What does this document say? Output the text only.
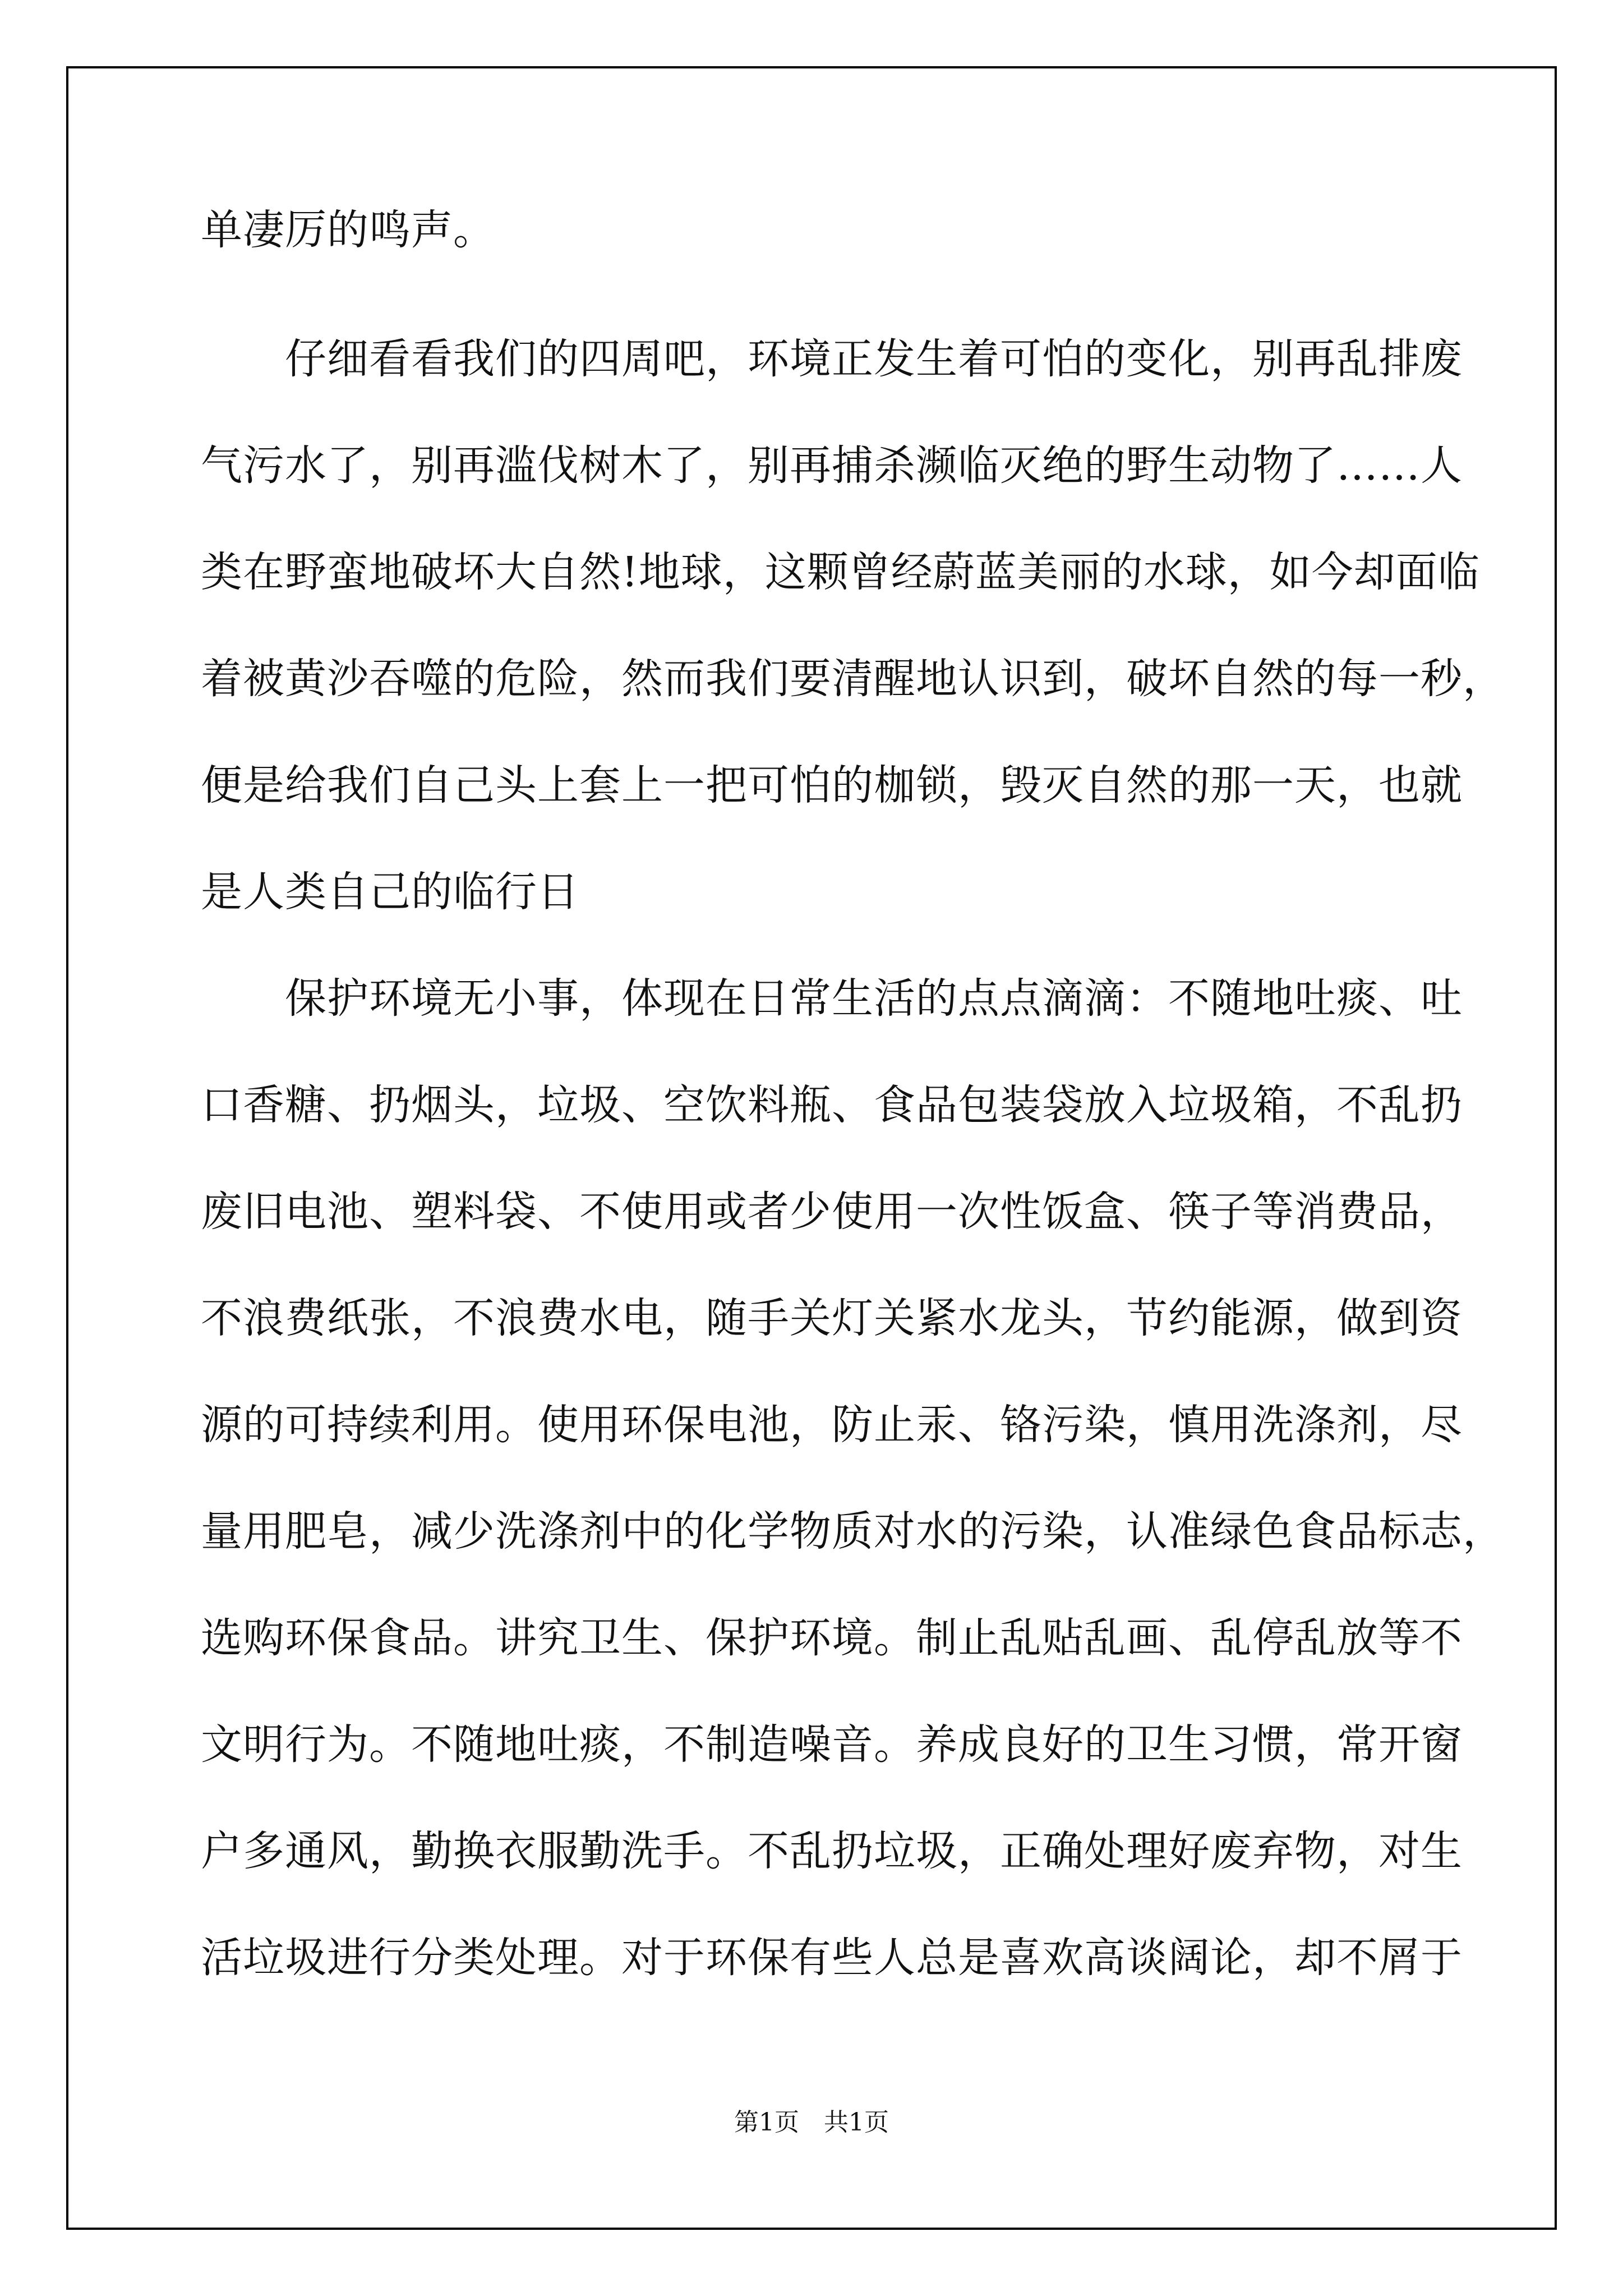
单凄厉的鸣声。
　　仔细看看我们的四周吧，环境正发生着可怕的变化，别再乱排废
气污水了，别再滥伐树木了，别再捕杀濒临灭绝的野生动物了……人
类在野蛮地破坏大自然!地球，这颗曾经蔚蓝美丽的水球，如今却面临
着被黄沙吞噬的危险，然而我们要清醒地认识到，破坏自然的每一秒，
便是给我们自己头上套上一把可怕的枷锁，毁灭自然的那一天，也就
是人类自己的临行日
　　保护环境无小事，体现在日常生活的点点滴滴：不随地吐痰、吐
口香糖、扔烟头，垃圾、空饮料瓶、食品包装袋放入垃圾箱，不乱扔
废旧电池、塑料袋、不使用或者少使用一次性饭盒、筷子等消费品，
不浪费纸张，不浪费水电，随手关灯关紧水龙头，节约能源，做到资
源的可持续利用。使用环保电池，防止汞、铬污染，慎用洗涤剂，尽
量用肥皂，减少洗涤剂中的化学物质对水的污染，认准绿色食品标志，
选购环保食品。讲究卫生、保护环境。制止乱贴乱画、乱停乱放等不
文明行为。不随地吐痰，不制造噪音。养成良好的卫生习惯，常开窗
户多通风，勤换衣服勤洗手。不乱扔垃圾，正确处理好废弃物，对生
活垃圾进行分类处理。对于环保有些人总是喜欢高谈阔论，却不屑于
第1页　共1页
